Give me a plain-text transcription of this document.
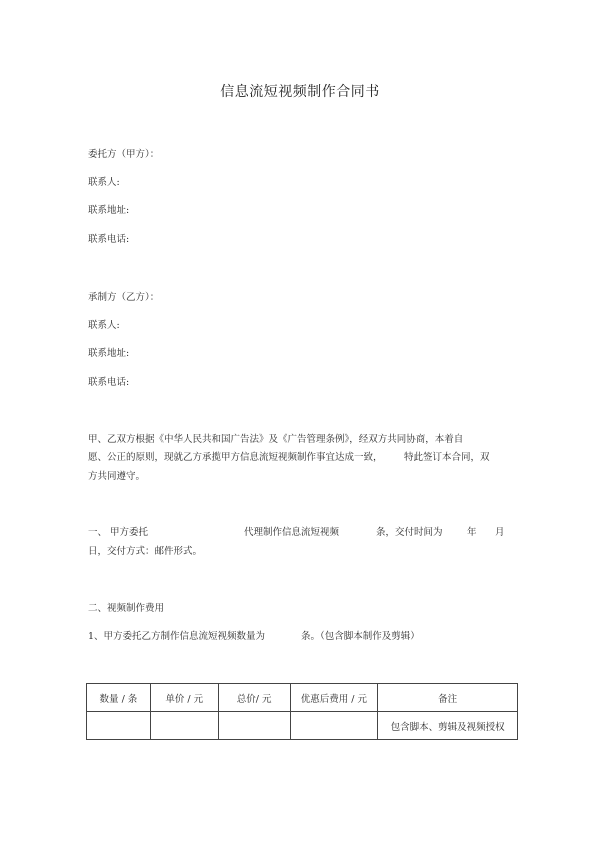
信息流短视频制作合同书
委托方（甲方）：
联系人:
联系地址:
联系电话:
承制方（乙方）：
联系人:
联系地址:
联系电话:
甲、乙双方根据《中华人民共和国广告法》及《广告管理条例》，经双方共同协商，本着自
愿、公正的原则，现就乙方承揽甲方信息流短视频制作事宜达成一致， 特此签订本合同，双
方共同遵守。
一、 甲方委托	代理制作信息流短视频	条，交付时间为	年 月
日，交付方式：邮件形式。
二、视频制作费用
1、甲方委托乙方制作信息流短视频数量为	条。（包含脚本制作及剪辑）
数量 / 条	单价 / 元	总价/ 元	优惠后费用 / 元	备注
				包含脚本、剪辑及视频授权
